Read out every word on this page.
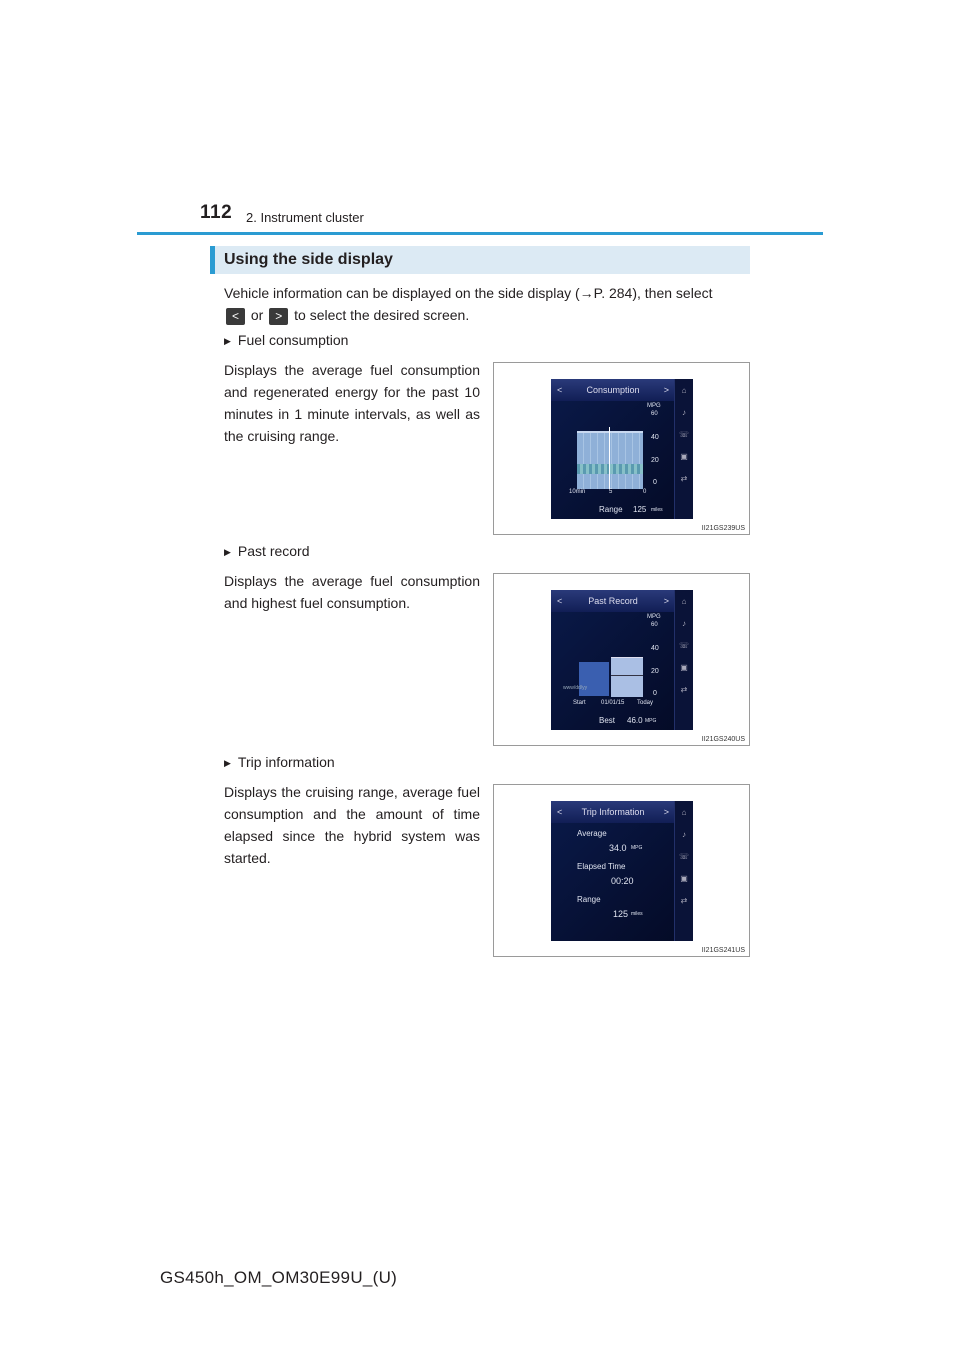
112 2. Instrument cluster
Using the side display
Vehicle information can be displayed on the side display (→P. 284), then select
< or > to select the desired screen.
▶ Fuel consumption
Displays the average fuel consumption and regenerated energy for the past 10 minutes in 1 minute intervals, as well as the cruising range.
<	Consumption	>
MPG
60
40
20
0
10min	5	0
Range 125 miles
⌂
♪
☏
▣
⇄
II21GS239US
▶ Past record
Displays the average fuel consumption and highest fuel consumption.	<	Past Record	>
MPG
60
40
20
0
www/dd/yy
Start	01/01/15 Today
Best 46.0 MPG
⌂
♪
☏
▣
⇄
II21GS240US
▶ Trip information
Displays the cruising range, average fuel consumption and the amount of time elapsed since the hybrid system was started.
< Trip Information >
Average
34.0 MPG
Elapsed Time
00:20
Range
125 miles
⌂
♪
☏
▣
⇄
II21GS241US
GS450h_OM_OM30E99U_(U)
